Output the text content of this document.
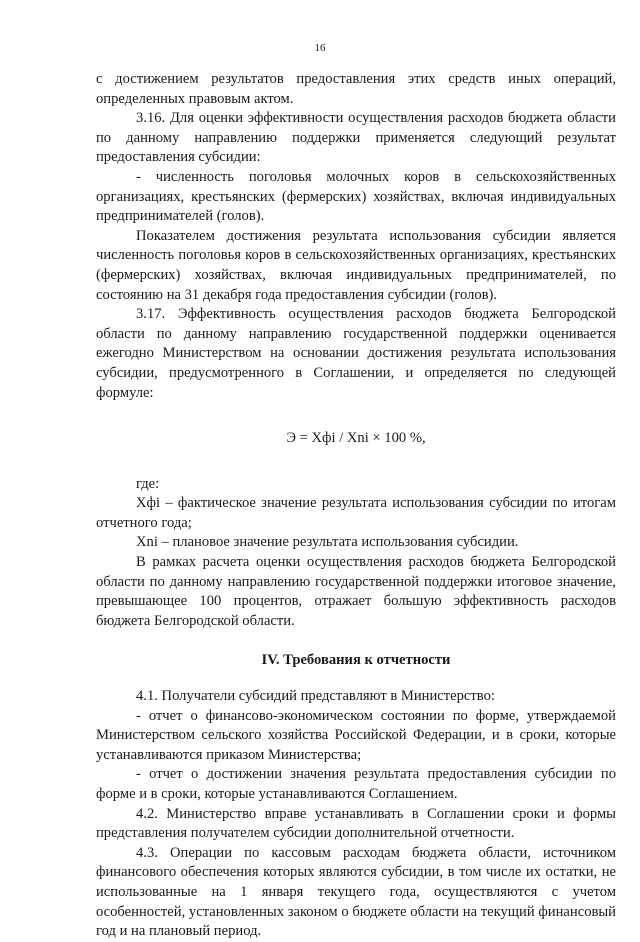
16

с достижением результатов предоставления этих средств иных операций, определенных правовым актом.

3.16. Для оценки эффективности осуществления расходов бюджета области по данному направлению поддержки применяется следующий результат предоставления субсидии:

- численность поголовья молочных коров в сельскохозяйственных организациях, крестьянских (фермерских) хозяйствах, включая индивидуальных предпринимателей (голов).

Показателем достижения результата использования субсидии является численность поголовья коров в сельскохозяйственных организациях, крестьянских (фермерских) хозяйствах, включая индивидуальных предпринимателей, по состоянию на 31 декабря года предоставления субсидии (голов).

3.17. Эффективность осуществления расходов бюджета Белгородской области по данному направлению государственной поддержки оценивается ежегодно Министерством на основании достижения результата использования субсидии, предусмотренного в Соглашении, и определяется по следующей формуле:

Э = Xфi / Xni × 100 %,

где:

Xфi – фактическое значение результата использования субсидии по итогам отчетного года;

Xni – плановое значение результата использования субсидии.

В рамках расчета оценки осуществления расходов бюджета Белгородской области по данному направлению государственной поддержки итоговое значение, превышающее 100 процентов, отражает большую эффективность расходов бюджета Белгородской области.

IV. Требования к отчетности

4.1. Получатели субсидий представляют в Министерство:

- отчет о финансово-экономическом состоянии по форме, утверждаемой Министерством сельского хозяйства Российской Федерации, и в сроки, которые устанавливаются приказом Министерства;

- отчет о достижении значения результата предоставления субсидии по форме и в сроки, которые устанавливаются Соглашением.

4.2. Министерство вправе устанавливать в Соглашении сроки и формы представления получателем субсидии дополнительной отчетности.

4.3. Операции по кассовым расходам бюджета области, источником финансового обеспечения которых являются субсидии, в том числе их остатки, не использованные на 1 января текущего года, осуществляются с учетом особенностей, установленных законом о бюджете области на текущий финансовый год и на плановый период.
